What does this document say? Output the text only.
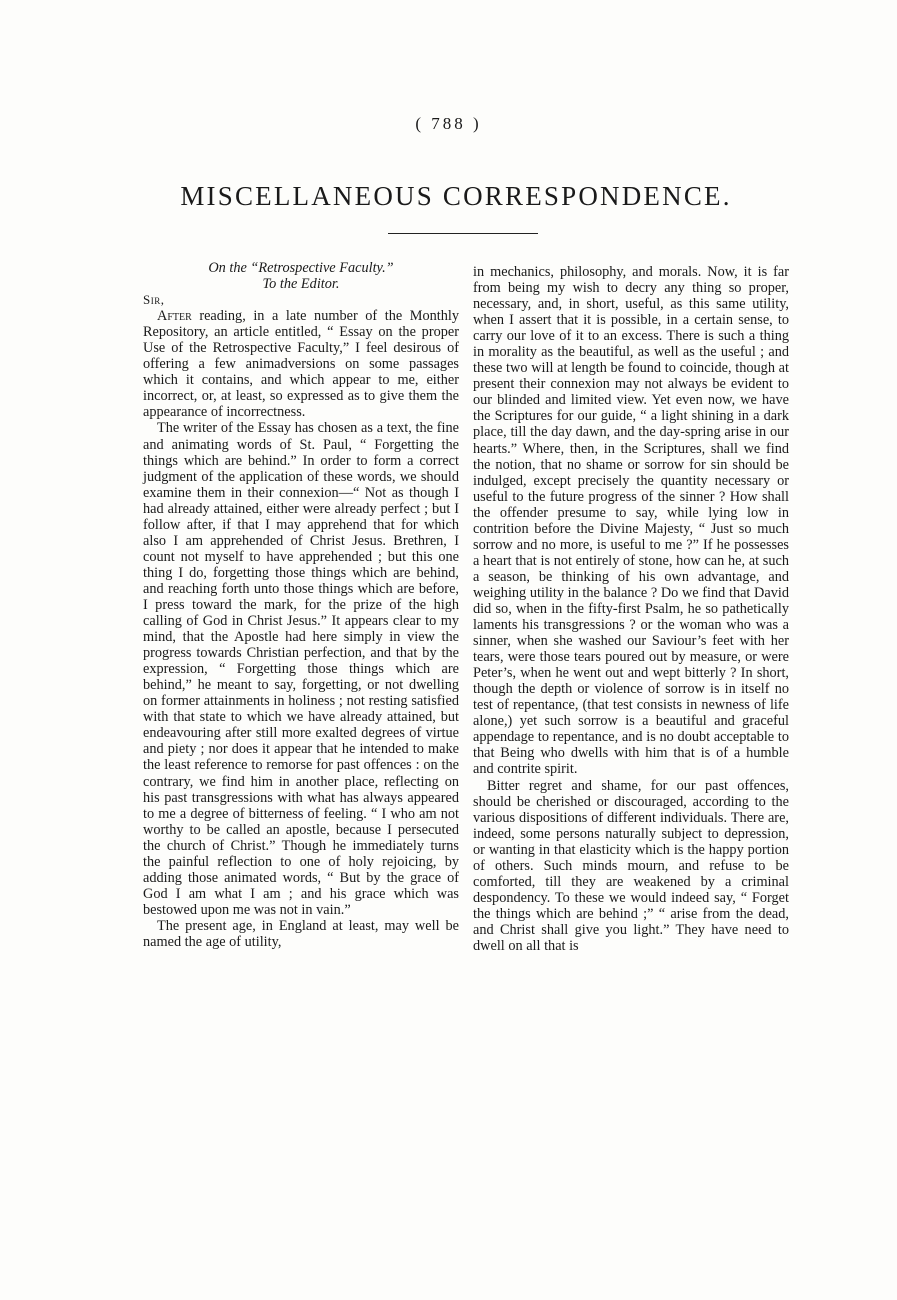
( 788 )
MISCELLANEOUS CORRESPONDENCE.

On the “Retrospective Faculty.”

To the Editor.

Sir,

After reading, in a late number of the Monthly Repository, an article entitled, “ Essay on the proper Use of the Retrospective Faculty,” I feel desirous of offering a few animadversions on some passages which it contains, and which appear to me, either incorrect, or, at least, so expressed as to give them the appearance of incorrectness.

The writer of the Essay has chosen as a text, the fine and animating words of St. Paul, “ Forgetting the things which are behind.” In order to form a correct judgment of the application of these words, we should examine them in their connexion—“ Not as though I had already attained, either were already perfect ; but I follow after, if that I may apprehend that for which also I am apprehended of Christ Jesus. Brethren, I count not myself to have apprehended ; but this one thing I do, forgetting those things which are behind, and reaching forth unto those things which are before, I press toward the mark, for the prize of the high calling of God in Christ Jesus.” It appears clear to my mind, that the Apostle had here simply in view the progress towards Christian perfection, and that by the expression, “ Forgetting those things which are behind,” he meant to say, forgetting, or not dwelling on former attainments in holiness ; not resting satisfied with that state to which we have already attained, but endeavouring after still more exalted degrees of virtue and piety ; nor does it appear that he intended to make the least reference to remorse for past offences : on the contrary, we find him in another place, reflecting on his past transgressions with what has always appeared to me a degree of bitterness of feeling. “ I who am not worthy to be called an apostle, because I persecuted the church of Christ.” Though he immediately turns the painful reflection to one of holy rejoicing, by adding those animated words, “ But by the grace of God I am what I am ; and his grace which was bestowed upon me was not in vain.”

The present age, in England at least, may well be named the age of utility,

in mechanics, philosophy, and morals. Now, it is far from being my wish to decry any thing so proper, necessary, and, in short, useful, as this same utility, when I assert that it is possible, in a certain sense, to carry our love of it to an excess. There is such a thing in morality as the beautiful, as well as the useful ; and these two will at length be found to coincide, though at present their connexion may not always be evident to our blinded and limited view. Yet even now, we have the Scriptures for our guide, “ a light shining in a dark place, till the day dawn, and the day-spring arise in our hearts.” Where, then, in the Scriptures, shall we find the notion, that no shame or sorrow for sin should be indulged, except precisely the quantity necessary or useful to the future progress of the sinner ? How shall the offender presume to say, while lying low in contrition before the Divine Majesty, “ Just so much sorrow and no more, is useful to me ?” If he possesses a heart that is not entirely of stone, how can he, at such a season, be thinking of his own advantage, and weighing utility in the balance ? Do we find that David did so, when in the fifty-first Psalm, he so pathetically laments his transgressions ? or the woman who was a sinner, when she washed our Saviour’s feet with her tears, were those tears poured out by measure, or were Peter’s, when he went out and wept bitterly ? In short, though the depth or violence of sorrow is in itself no test of repentance, (that test consists in newness of life alone,) yet such sorrow is a beautiful and graceful appendage to repentance, and is no doubt acceptable to that Being who dwells with him that is of a humble and contrite spirit.

Bitter regret and shame, for our past offences, should be cherished or discouraged, according to the various dispositions of different individuals. There are, indeed, some persons naturally subject to depression, or wanting in that elasticity which is the happy portion of others. Such minds mourn, and refuse to be comforted, till they are weakened by a criminal despondency. To these we would indeed say, “ Forget the things which are behind ;” “ arise from the dead, and Christ shall give you light.” They have need to dwell on all that is
